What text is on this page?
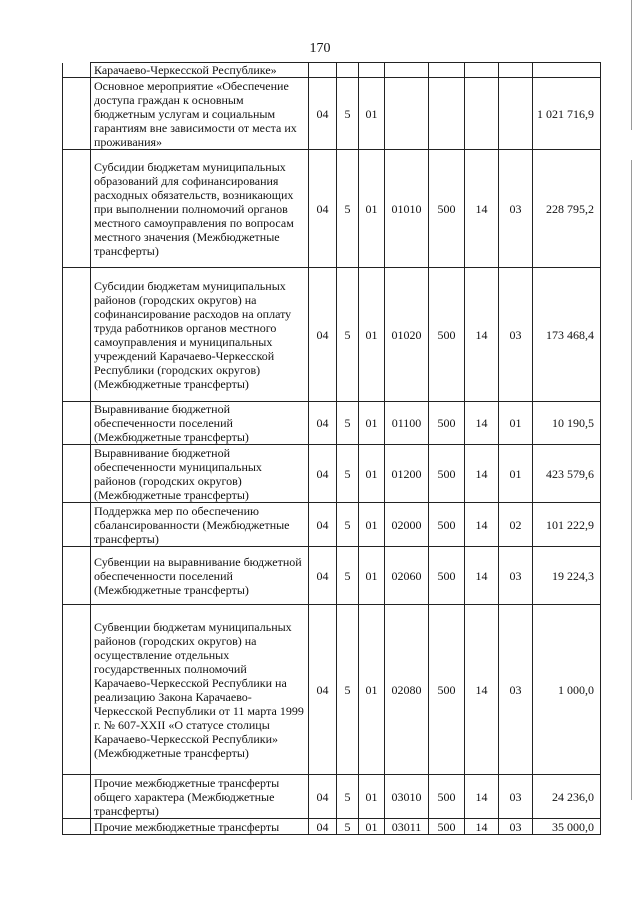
170
	Карачаево-Черкесской Республике»								
	Основное мероприятие «Обеспечение доступа граждан к основным бюджетным услугам и социальным гарантиям вне зависимости от места их проживания»	04	5	01					1 021 716,9
	Субсидии бюджетам муниципальных образований для софинансирования расходных обязательств, возникающих при выполнении полномочий органов местного самоуправления по вопросам местного значения (Межбюджетные трансферты)	04	5	01	01010	500	14	03	228 795,2
	Субсидии бюджетам муниципальных районов (городских округов) на софинансирование расходов на оплату труда работников органов местного самоуправления и муниципальных учреждений Карачаево-Черкесской Республики (городских округов) (Межбюджетные трансферты)	04	5	01	01020	500	14	03	173 468,4
	Выравнивание бюджетной обеспеченности поселений (Межбюджетные трансферты)	04	5	01	01100	500	14	01	10 190,5
	Выравнивание бюджетной обеспеченности муниципальных районов (городских округов) (Межбюджетные трансферты)	04	5	01	01200	500	14	01	423 579,6
	Поддержка мер по обеспечению сбалансированности (Межбюджетные трансферты)	04	5	01	02000	500	14	02	101 222,9
	Субвенции на выравнивание бюджетной обеспеченности поселений (Межбюджетные трансферты)	04	5	01	02060	500	14	03	19 224,3
	Субвенции бюджетам муниципальных районов (городских округов) на осуществление отдельных государственных полномочий Карачаево-Черкесской Республики на реализацию Закона Карачаево-Черкесской Республики от 11 марта 1999 г. № 607-XXII «О статусе столицы Карачаево-Черкесской Республики» (Межбюджетные трансферты)	04	5	01	02080	500	14	03	1 000,0
	Прочие межбюджетные трансферты общего характера (Межбюджетные трансферты)	04	5	01	03010	500	14	03	24 236,0
	Прочие межбюджетные трансферты	04	5	01	03011	500	14	03	35 000,0
